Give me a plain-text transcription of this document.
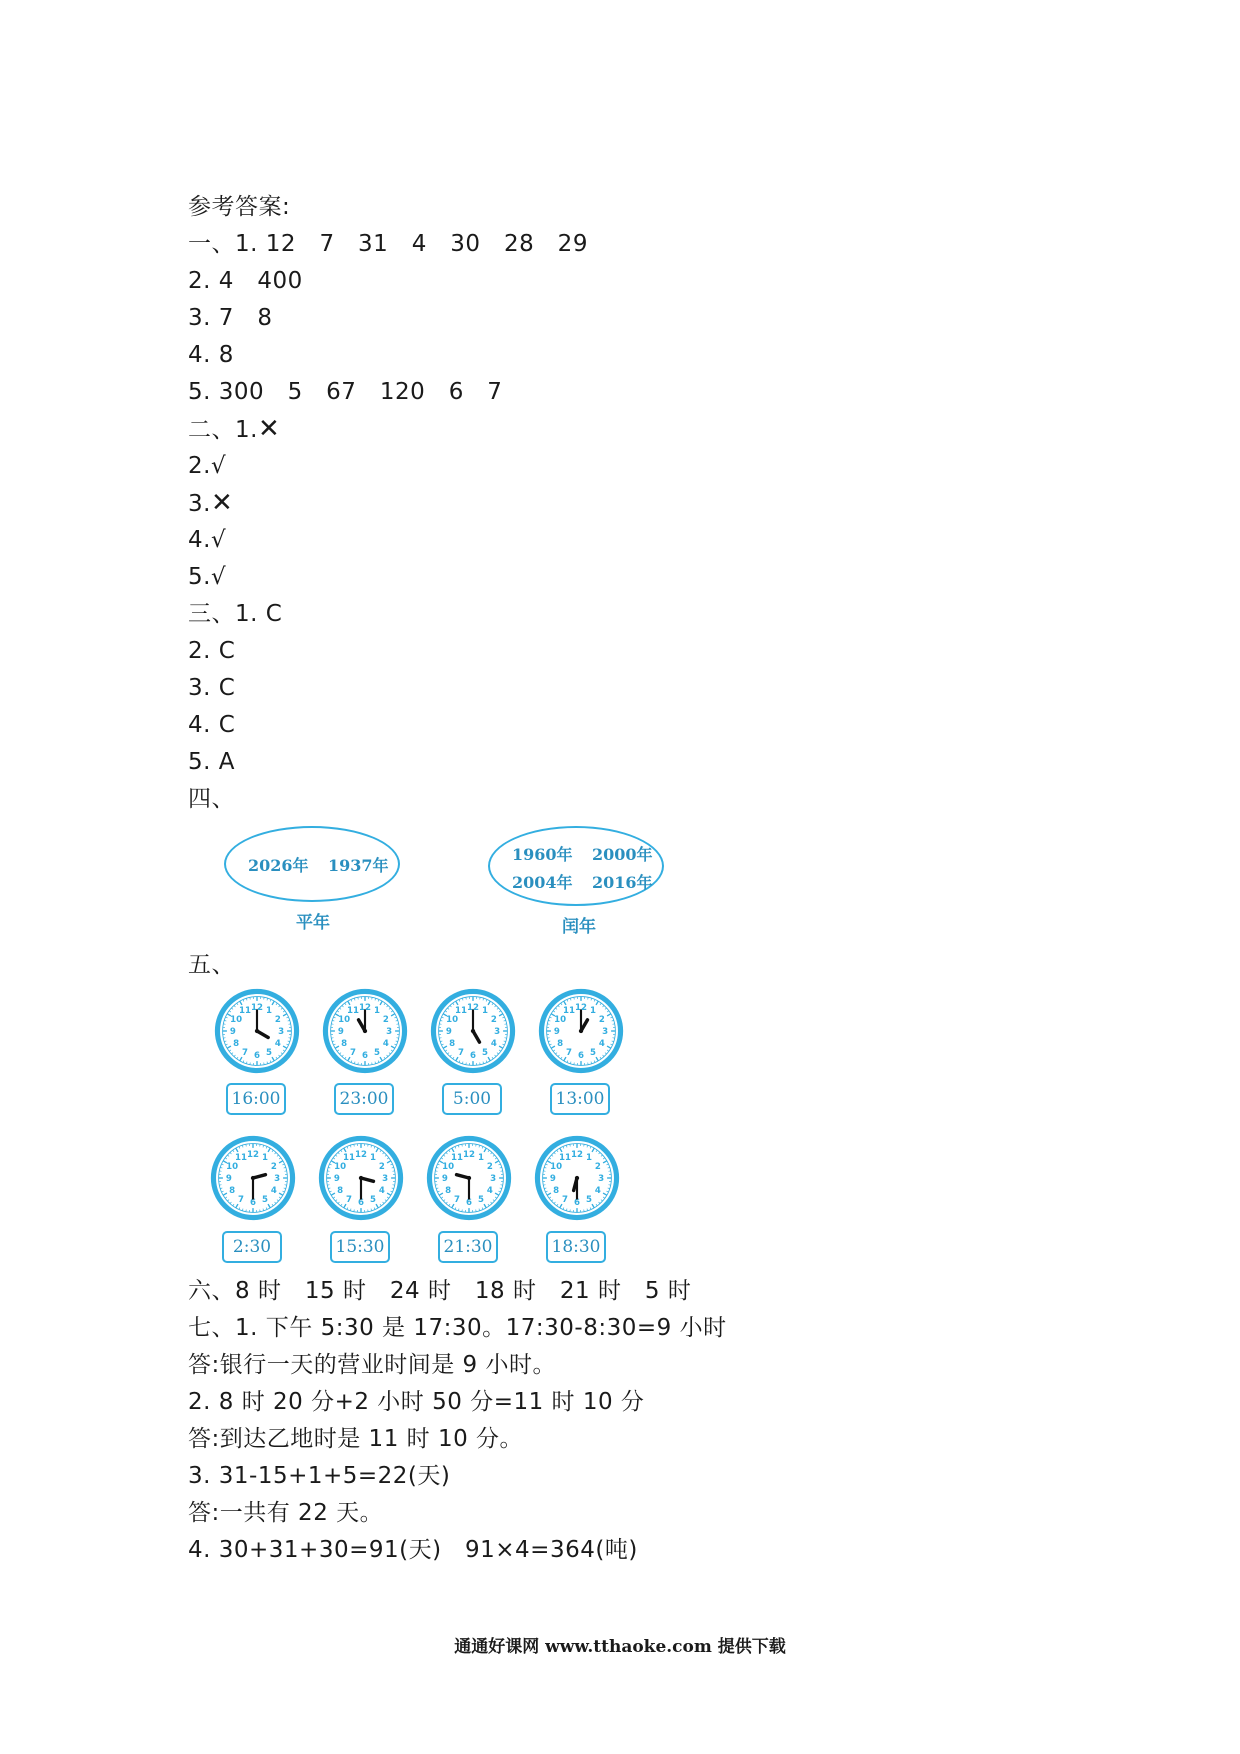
参考答案:
一、1. 12   7   31   4   30   28   29
2. 4   400
3. 7   8
4. 8
5. 300   5   67   120   6   7
二、1.✕
2.√
3.✕
4.√
5.√
三、1. C
2. C
3. C
4. C
5. A
四、
2026年 1937年
平年
1960年 2000年
2004年 2016年
闰年
五、
1
2
3
4
5
6
7
8
9
10
11 12
16:00
1
2
3
4
5
6
7
8
9
10
11 12
23:00
1
2
3
4
5
6
7
8
9
10
11 12
5:00
1
2
3
4
5
6
7
8
9
10
11 12
13:00
1
2
3
4
5
6
7
8
9
10
11 12
2:30
1
2
3
4
5
6
7
8
9
10
11 12
15:30
1
2
3
4
5
6
7
8
9
10
11 12
21:30
1
2
3
4
5
6
7
8
9
10
11 12
18:30
六、8 时   15 时   24 时   18 时   21 时   5 时
七、1. 下午 5:30 是 17:30。17:30-8:30=9 小时
答:银行一天的营业时间是 9 小时。
2. 8 时 20 分+2 小时 50 分=11 时 10 分
答:到达乙地时是 11 时 10 分。
3. 31-15+1+5=22(天)
答:一共有 22 天。
4. 30+31+30=91(天)   91×4=364(吨)
通通好课网 www.tthaoke.com 提供下载
